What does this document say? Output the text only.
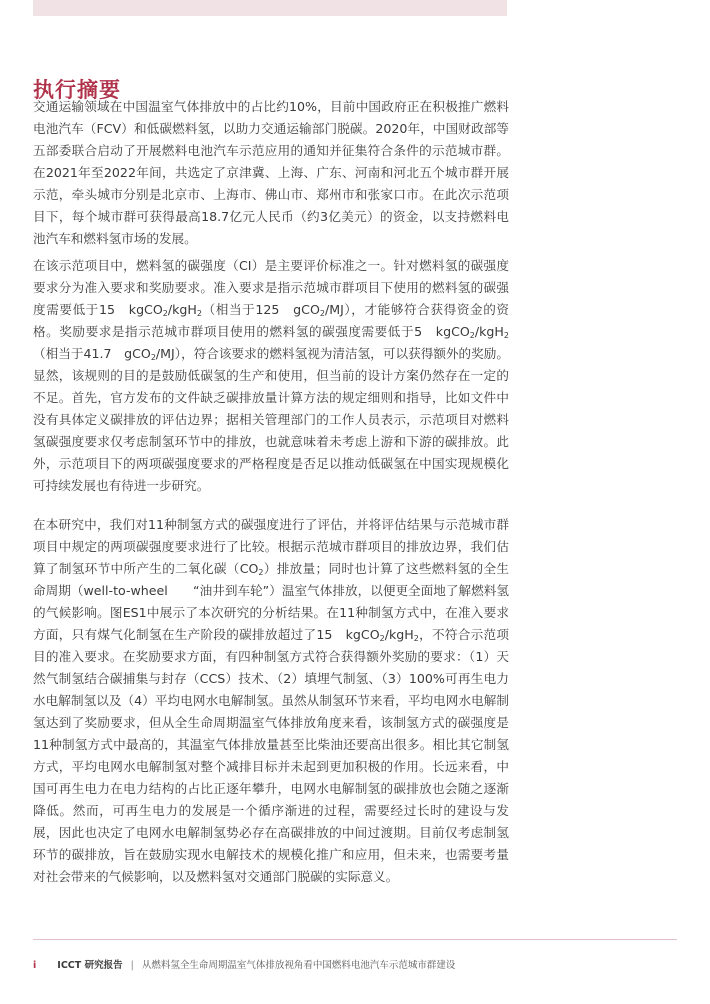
执行摘要

交通运输领域在中国温室气体排放中的占比约10%，目前中国政府正在积极推广燃料电池汽车（FCV）和低碳燃料氢，以助力交通运输部门脱碳。2020年，中国财政部等五部委联合启动了开展燃料电池汽车示范应用的通知并征集符合条件的示范城市群。在2021年至2022年间，共选定了京津冀、上海、广东、河南和河北五个城市群开展示范，牵头城市分别是北京市、上海市、佛山市、郑州市和张家口市。在此次示范项目下，每个城市群可获得最高18.7亿元人民币（约3亿美元）的资金，以支持燃料电池汽车和燃料氢市场的发展。

在该示范项目中，燃料氢的碳强度（CI）是主要评价标准之一。针对燃料氢的碳强度要求分为准入要求和奖励要求。准入要求是指示范城市群项目下使用的燃料氢的碳强度需要低于15　kgCO$_2$/kgH$_2$（相当于125　gCO$_2$/MJ），才能够符合获得资金的资格。奖励要求是指示范城市群项目使用的燃料氢的碳强度需要低于5　kgCO$_2$/kgH$_2$（相当于41.7　gCO$_2$/MJ），符合该要求的燃料氢视为清洁氢，可以获得额外的奖励。显然，该规则的目的是鼓励低碳氢的生产和使用，但当前的设计方案仍然存在一定的不足。首先，官方发布的文件缺乏碳排放量计算方法的规定细则和指导，比如文件中没有具体定义碳排放的评估边界；据相关管理部门的工作人员表示，示范项目对燃料氢碳强度要求仅考虑制氢环节中的排放，也就意味着未考虑上游和下游的碳排放。此外，示范项目下的两项碳强度要求的严格程度是否足以推动低碳氢在中国实现规模化可持续发展也有待进一步研究。

在本研究中，我们对11种制氢方式的碳强度进行了评估，并将评估结果与示范城市群项目中规定的两项碳强度要求进行了比较。根据示范城市群项目的排放边界，我们估算了制氢环节中所产生的二氧化碳$(CO_2)$排放量；同时也计算了这些燃料氢的全生命周期（well-to-wheel　　“油井到车轮”）温室气体排放，以便更全面地了解燃料氢的气候影响。图ES1中展示了本次研究的分析结果。在11种制氢方式中，在准入要求方面，只有煤气化制氢在生产阶段的碳排放超过了15　kgCO$_2$/kgH$_2$，不符合示范项目的准入要求。在奖励要求方面，有四种制氢方式符合获得额外奖励的要求：（1）天然气制氢结合碳捕集与封存（CCS）技术、（2）填埋气制氢、（3）100%可再生电力水电解制氢以及（4）平均电网水电解制氢。虽然从制氢环节来看，平均电网水电解制氢达到了奖励要求，但从全生命周期温室气体排放角度来看，该制氢方式的碳强度是11种制氢方式中最高的，其温室气体排放量甚至比柴油还要高出很多。相比其它制氢方式，平均电网水电解制氢对整个减排目标并未起到更加积极的作用。长远来看，中国可再生电力在电力结构的占比正逐年攀升，电网水电解制氢的碳排放也会随之逐渐降低。然而，可再生电力的发展是一个循序渐进的过程，需要经过长时的建设与发展，因此也决定了电网水电解制氢势必存在高碳排放的中间过渡期。目前仅考虑制氢环节的碳排放，旨在鼓励实现水电解技术的规模化推广和应用，但未来，也需要考量对社会带来的气候影响，以及燃料氢对交通部门脱碳的实际意义。

i ICCT 研究报告 | 从燃料氢全生命周期温室气体排放视角看中国燃料电池汽车示范城市群建设
